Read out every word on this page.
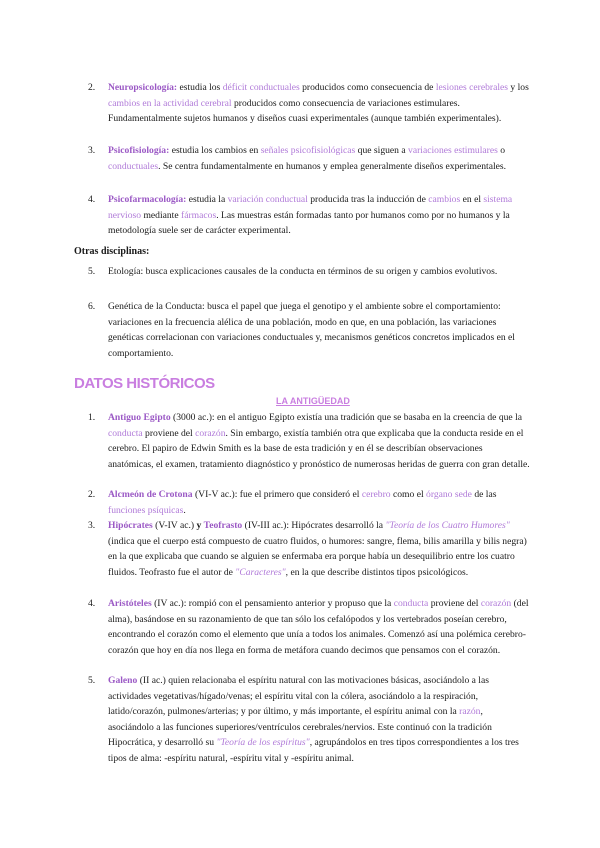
2. Neuropsicología: estudia los déficit conductuales producidos como consecuencia de lesiones cerebrales y los cambios en la actividad cerebral producidos como consecuencia de variaciones estimulares. Fundamentalmente sujetos humanos y diseños cuasi experimentales (aunque también experimentales).
3. Psicofisiología: estudia los cambios en señales psicofisiológicas que siguen a variaciones estimulares o conductuales. Se centra fundamentalmente en humanos y emplea generalmente diseños experimentales.
4. Psicofarmacología: estudia la variación conductual producida tras la inducción de cambios en el sistema nervioso mediante fármacos. Las muestras están formadas tanto por humanos como por no humanos y la metodología suele ser de carácter experimental.
Otras disciplinas:
5. Etología: busca explicaciones causales de la conducta en términos de su origen y cambios evolutivos.
6. Genética de la Conducta: busca el papel que juega el genotipo y el ambiente sobre el comportamiento: variaciones en la frecuencia alélica de una población, modo en que, en una población, las variaciones genéticas correlacionan con variaciones conductuales y, mecanismos genéticos concretos implicados en el comportamiento.
DATOS HISTÓRICOS
LA ANTIGÜEDAD
1. Antiguo Egipto (3000 ac.): en el antiguo Egipto existía una tradición que se basaba en la creencia de que la conducta proviene del corazón. Sin embargo, existía también otra que explicaba que la conducta reside en el cerebro. El papiro de Edwin Smith es la base de esta tradición y en él se describían observaciones anatómicas, el examen, tratamiento diagnóstico y pronóstico de numerosas heridas de guerra con gran detalle.
2. Alcmeón de Crotona (VI-V ac.): fue el primero que consideró el cerebro como el órgano sede de las funciones psíquicas.
3. Hipócrates (V-IV ac.) y Teofrasto (IV-III ac.): Hipócrates desarrolló la "Teoría de los Cuatro Humores" (indica que el cuerpo está compuesto de cuatro fluidos, o humores: sangre, flema, bilis amarilla y bilis negra) en la que explicaba que cuando se alguien se enfermaba era porque había un desequilibrio entre los cuatro fluidos. Teofrasto fue el autor de "Caracteres", en la que describe distintos tipos psicológicos.
4. Aristóteles (IV ac.): rompió con el pensamiento anterior y propuso que la conducta proviene del corazón (del alma), basándose en su razonamiento de que tan sólo los cefalópodos y los vertebrados poseían cerebro, encontrando el corazón como el elemento que unía a todos los animales. Comenzó así una polémica cerebro-corazón que hoy en día nos llega en forma de metáfora cuando decimos que pensamos con el corazón.
5. Galeno (II ac.) quien relacionaba el espíritu natural con las motivaciones básicas, asociándolo a las actividades vegetativas/hígado/venas; el espíritu vital con la cólera, asociándolo a la respiración, latido/corazón, pulmones/arterias; y por último, y más importante, el espíritu animal con la razón, asociándolo a las funciones superiores/ventrículos cerebrales/nervios. Este continuó con la tradición Hipocrática, y desarrolló su "Teoría de los espíritus", agrupándolos en tres tipos correspondientes a los tres tipos de alma: -espíritu natural, -espíritu vital y -espíritu animal.
